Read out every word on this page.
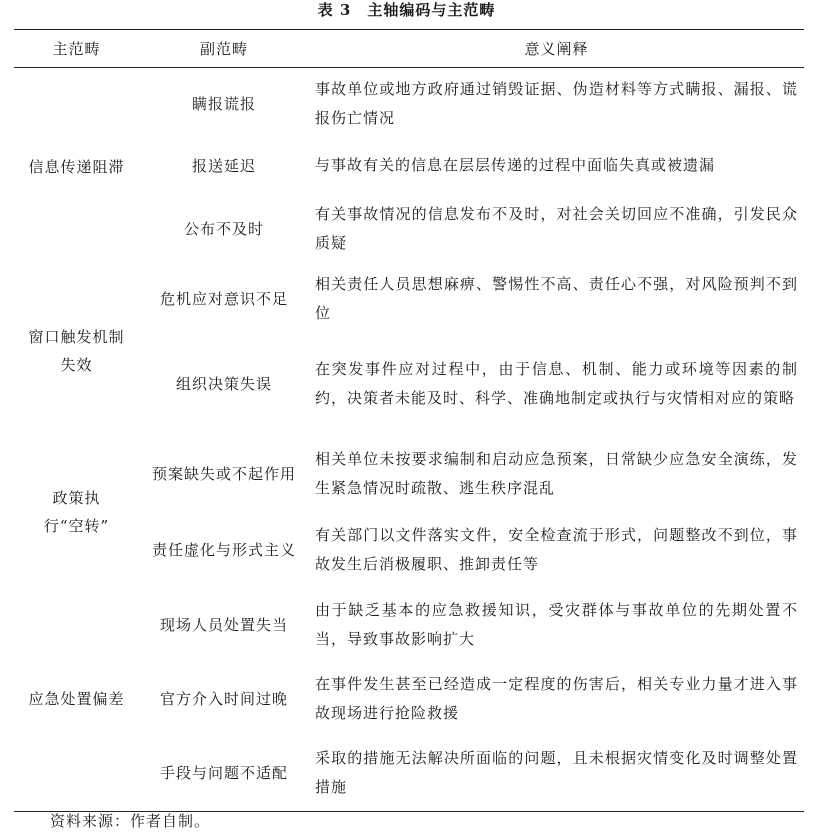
表 3　主轴编码与主范畴
主范畴	副范畴	意义阐释
信息传递阻滞	瞒报谎报	事故单位或地方政府通过销毁证据、伪造材料等方式瞒报、漏报、谎报伤亡情况
	报送延迟	与事故有关的信息在层层传递的过程中面临失真或被遗漏
	公布不及时	有关事故情况的信息发布不及时，对社会关切回应不准确，引发民众质疑
窗口触发机制失效	危机应对意识不足	相关责任人员思想麻痹、警惕性不高、责任心不强，对风险预判不到位
	组织决策失误	在突发事件应对过程中，由于信息、机制、能力或环境等因素的制约，决策者未能及时、科学、准确地制定或执行与灾情相对应的策略
政策执行“空转”	预案缺失或不起作用	相关单位未按要求编制和启动应急预案，日常缺少应急安全演练，发生紧急情况时疏散、逃生秩序混乱
	责任虚化与形式主义	有关部门以文件落实文件，安全检查流于形式，问题整改不到位，事故发生后消极履职、推卸责任等
应急处置偏差	现场人员处置失当	由于缺乏基本的应急救援知识，受灾群体与事故单位的先期处置不当，导致事故影响扩大
	官方介入时间过晚	在事件发生甚至已经造成一定程度的伤害后，相关专业力量才进入事故现场进行抢险救援
	手段与问题不适配	采取的措施无法解决所面临的问题，且未根据灾情变化及时调整处置措施
资料来源：作者自制。
